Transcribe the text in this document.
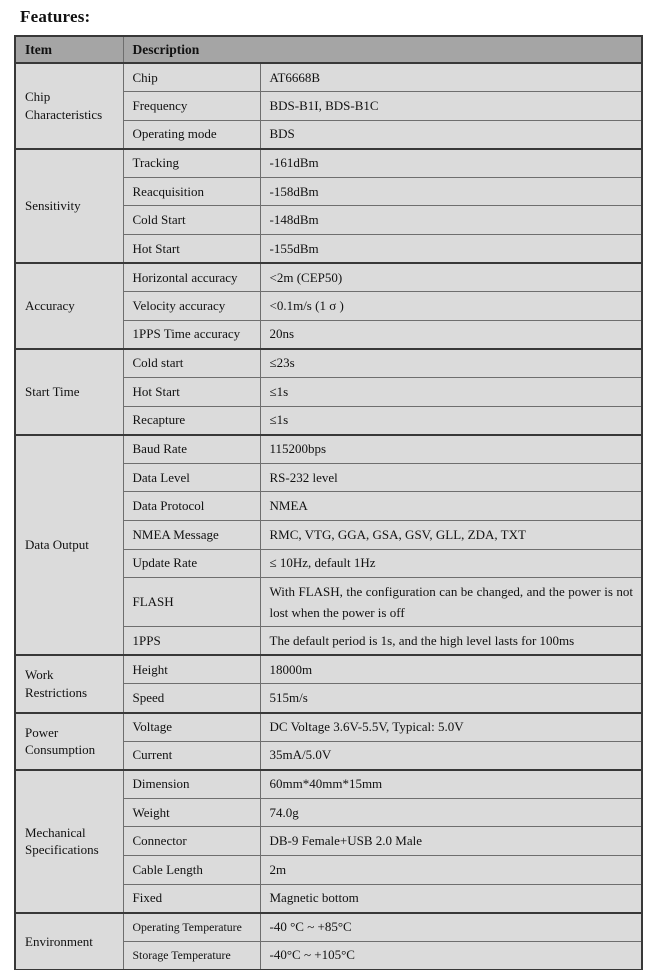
Features:
Item	Description	
Chip Characteristics	Chip	AT6668B
	Frequency	BDS-B1I, BDS-B1C
	Operating mode	BDS
Sensitivity	Tracking	-161dBm
	Reacquisition	-158dBm
	Cold Start	-148dBm
	Hot Start	-155dBm
Accuracy	Horizontal accuracy	<2m (CEP50)
	Velocity accuracy	<0.1m/s (1 σ )
	1PPS Time accuracy	20ns
Start Time	Cold start	≤23s
	Hot Start	≤1s
	Recapture	≤1s
Data Output	Baud Rate	115200bps
	Data Level	RS-232 level
	Data Protocol	NMEA
	NMEA Message	RMC, VTG, GGA, GSA, GSV, GLL, ZDA, TXT
	Update Rate	≤ 10Hz, default 1Hz
	FLASH	With FLASH, the configuration can be changed, and the power is not lost when the power is off
	1PPS	The default period is 1s, and the high level lasts for 100ms
Work Restrictions	Height	18000m
	Speed	515m/s
Power Consumption	Voltage	DC Voltage 3.6V-5.5V, Typical: 5.0V
	Current	35mA/5.0V
Mechanical Specifications	Dimension	60mm*40mm*15mm
	Weight	74.0g
	Connector	DB-9 Female+USB 2.0 Male
	Cable Length	2m
	Fixed	Magnetic bottom
Environment	Operating Temperature	-40 °C ~ +85°C
	Storage Temperature	-40°C ~ +105°C
